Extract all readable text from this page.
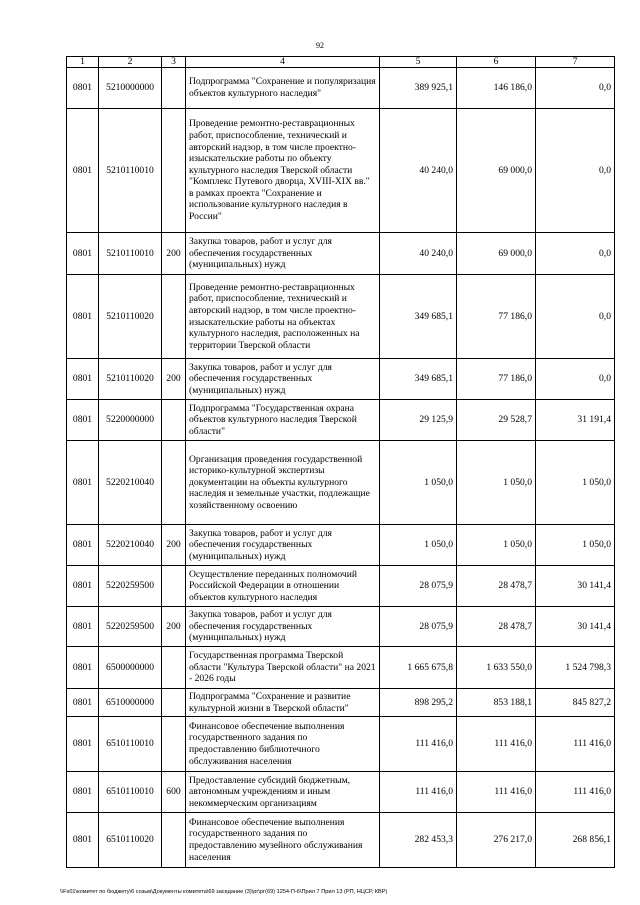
92
1	2	3	4	5	6	7
0801	5210000000		Подпрограмма "Сохранение и популяризация объектов культурного наследия"	389 925,1	146 186,0	0,0
0801	5210110010		Проведение ремонтно-реставрационных работ, приспособление, технический и авторский надзор, в том числе проектно-изыскательские работы по объекту культурного наследия Тверской области "Комплекс Путевого дворца, XVIII-XIX вв." в рамках проекта "Сохранение и использование культурного наследия в России"	40 240,0	69 000,0	0,0
0801	5210110010	200	Закупка товаров, работ и услуг для обеспечения государственных (муниципальных) нужд	40 240,0	69 000,0	0,0
0801	5210110020		Проведение ремонтно-реставрационных работ, приспособление, технический и авторский надзор, в том числе проектно-изыскательские работы на объектах культурного наследия, расположенных на территории Тверской области	349 685,1	77 186,0	0,0
0801	5210110020	200	Закупка товаров, работ и услуг для обеспечения государственных (муниципальных) нужд	349 685,1	77 186,0	0,0
0801	5220000000		Подпрограмма "Государственная охрана объектов культурного наследия Тверской области"	29 125,9	29 528,7	31 191,4
0801	5220210040		Организация проведения государственной историко-культурной экспертизы документации на объекты культурного наследия и земельные участки, подлежащие хозяйственному освоению	1 050,0	1 050,0	1 050,0
0801	5220210040	200	Закупка товаров, работ и услуг для обеспечения государственных (муниципальных) нужд	1 050,0	1 050,0	1 050,0
0801	5220259500		Осуществление переданных полномочий Российской Федерации в отношении объектов культурного наследия	28 075,9	28 478,7	30 141,4
0801	5220259500	200	Закупка товаров, работ и услуг для обеспечения государственных (муниципальных) нужд	28 075,9	28 478,7	30 141,4
0801	6500000000		Государственная программа Тверской области "Культура Тверской области" на 2021 - 2026 годы	1 665 675,8	1 633 550,0	1 524 798,3
0801	6510000000		Подпрограмма "Сохранение и развитие культурной жизни в Тверской области"	898 295,2	853 188,1	845 827,2
0801	6510110010		Финансовое обеспечение выполнения государственного задания по предоставлению библиотечного обслуживания населения	111 416,0	111 416,0	111 416,0
0801	6510110010	600	Предоставление субсидий бюджетным, автономным учреждениям и иным некоммерческим организациям	111 416,0	111 416,0	111 416,0
0801	6510110020		Финансовое обеспечение выполнения государственного задания по предоставлению музейного обслуживания населения	282 453,3	276 217,0	268 856,1
\\Fs01\комитет по бюджету\6 созыв\Документы комитета\69 заседание (3)\рг\рг(69) 1254-П-6\Прил 7 Прил 13 (РП, НЦСР, КВР)
